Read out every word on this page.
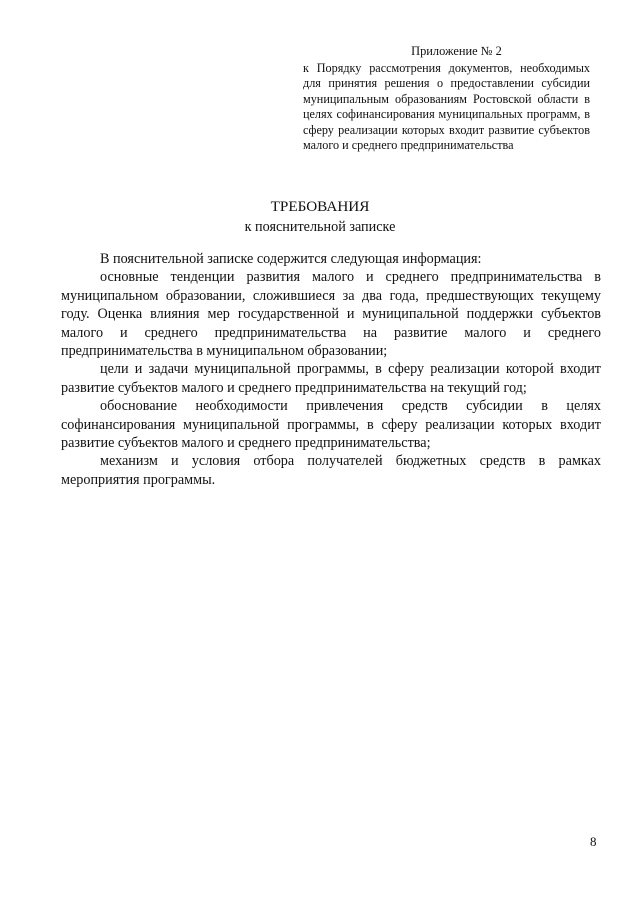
Приложение № 2
к Порядку рассмотрения документов, необходимых для принятия решения о предоставлении субсидии муниципальным образованиям Ростовской области в целях софинансирования муниципальных программ, в сферу реализации которых входит развитие субъектов малого и среднего предпринимательства
ТРЕБОВАНИЯ
к пояснительной записке

В пояснительной записке содержится следующая информация:

основные тенденции развития малого и среднего предпринимательства в муниципальном образовании, сложившиеся за два года, предшествующих текущему году. Оценка влияния мер государственной и муниципальной поддержки субъектов малого и среднего предпринимательства на развитие малого и среднего предпринимательства в муниципальном образовании;

цели и задачи муниципальной программы, в сферу реализации которой входит развитие субъектов малого и среднего предпринимательства на текущий год;

обоснование необходимости привлечения средств субсидии в целях софинансирования муниципальной программы, в сферу реализации которых входит развитие субъектов малого и среднего предпринимательства;

механизм и условия отбора получателей бюджетных средств в рамках мероприятия программы.

8
